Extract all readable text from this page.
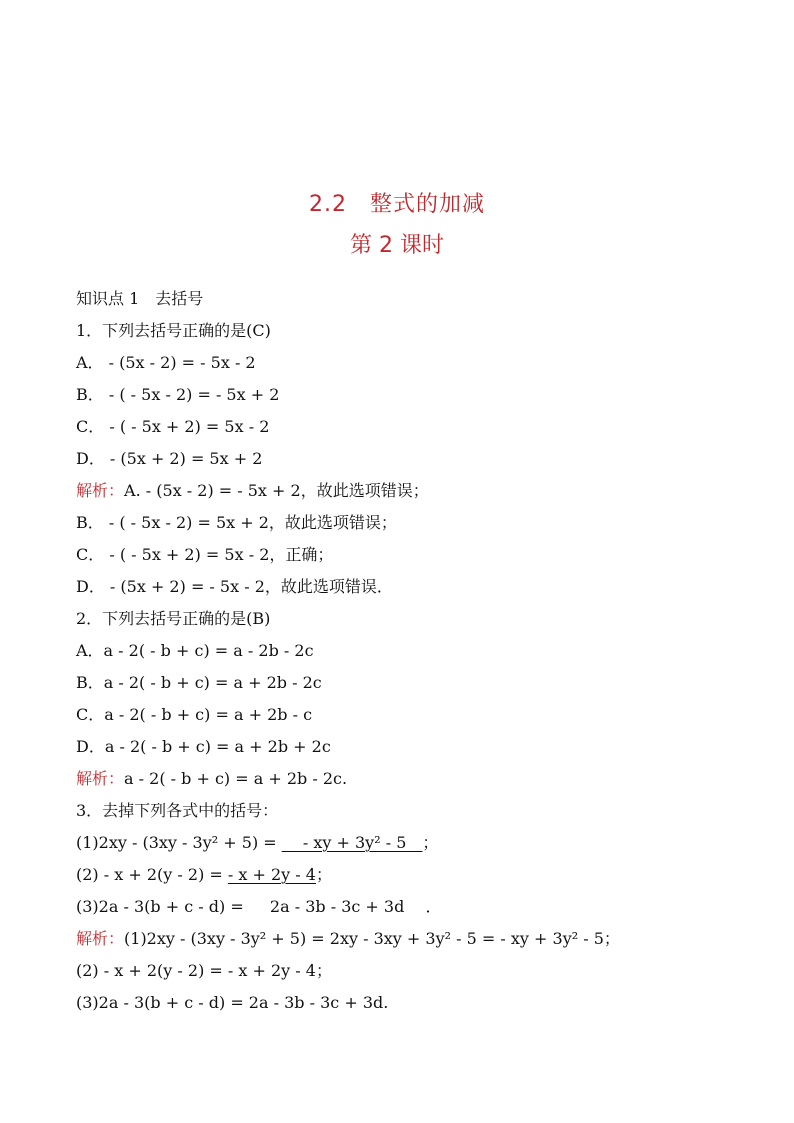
2.2　整式的加减
第 2 课时
知识点 1　去括号
1．下列去括号正确的是(C)
A． - (5x - 2) = - 5x - 2
B． - ( - 5x - 2) = - 5x + 2
C． - ( - 5x + 2) = 5x - 2
D． - (5x + 2) = 5x + 2
解析：A. - (5x - 2) = - 5x + 2，故此选项错误；
B． - ( - 5x - 2) = 5x + 2，故此选项错误；
C． - ( - 5x + 2) = 5x - 2，正确；
D． - (5x + 2) = - 5x - 2，故此选项错误．
2．下列去括号正确的是(B)
A．a - 2( - b + c) = a - 2b - 2c
B．a - 2( - b + c) = a + 2b - 2c
C．a - 2( - b + c) = a + 2b - c
D．a - 2( - b + c) = a + 2b + 2c
解析：a - 2( - b + c) = a + 2b - 2c.
3．去掉下列各式中的括号：
(1)2xy - (3xy - 3y² + 5) = __ - xy + 3y² - 5__；
(2) - x + 2(y - 2) = - x + 2y - 4；
(3)2a - 3(b + c - d) = 　 2a - 3b - 3c + 3d 　．
解析：(1)2xy - (3xy - 3y² + 5) = 2xy - 3xy + 3y² - 5 = - xy + 3y² - 5；
(2) - x + 2(y - 2) = - x + 2y - 4；
(3)2a - 3(b + c - d) = 2a - 3b - 3c + 3d.
